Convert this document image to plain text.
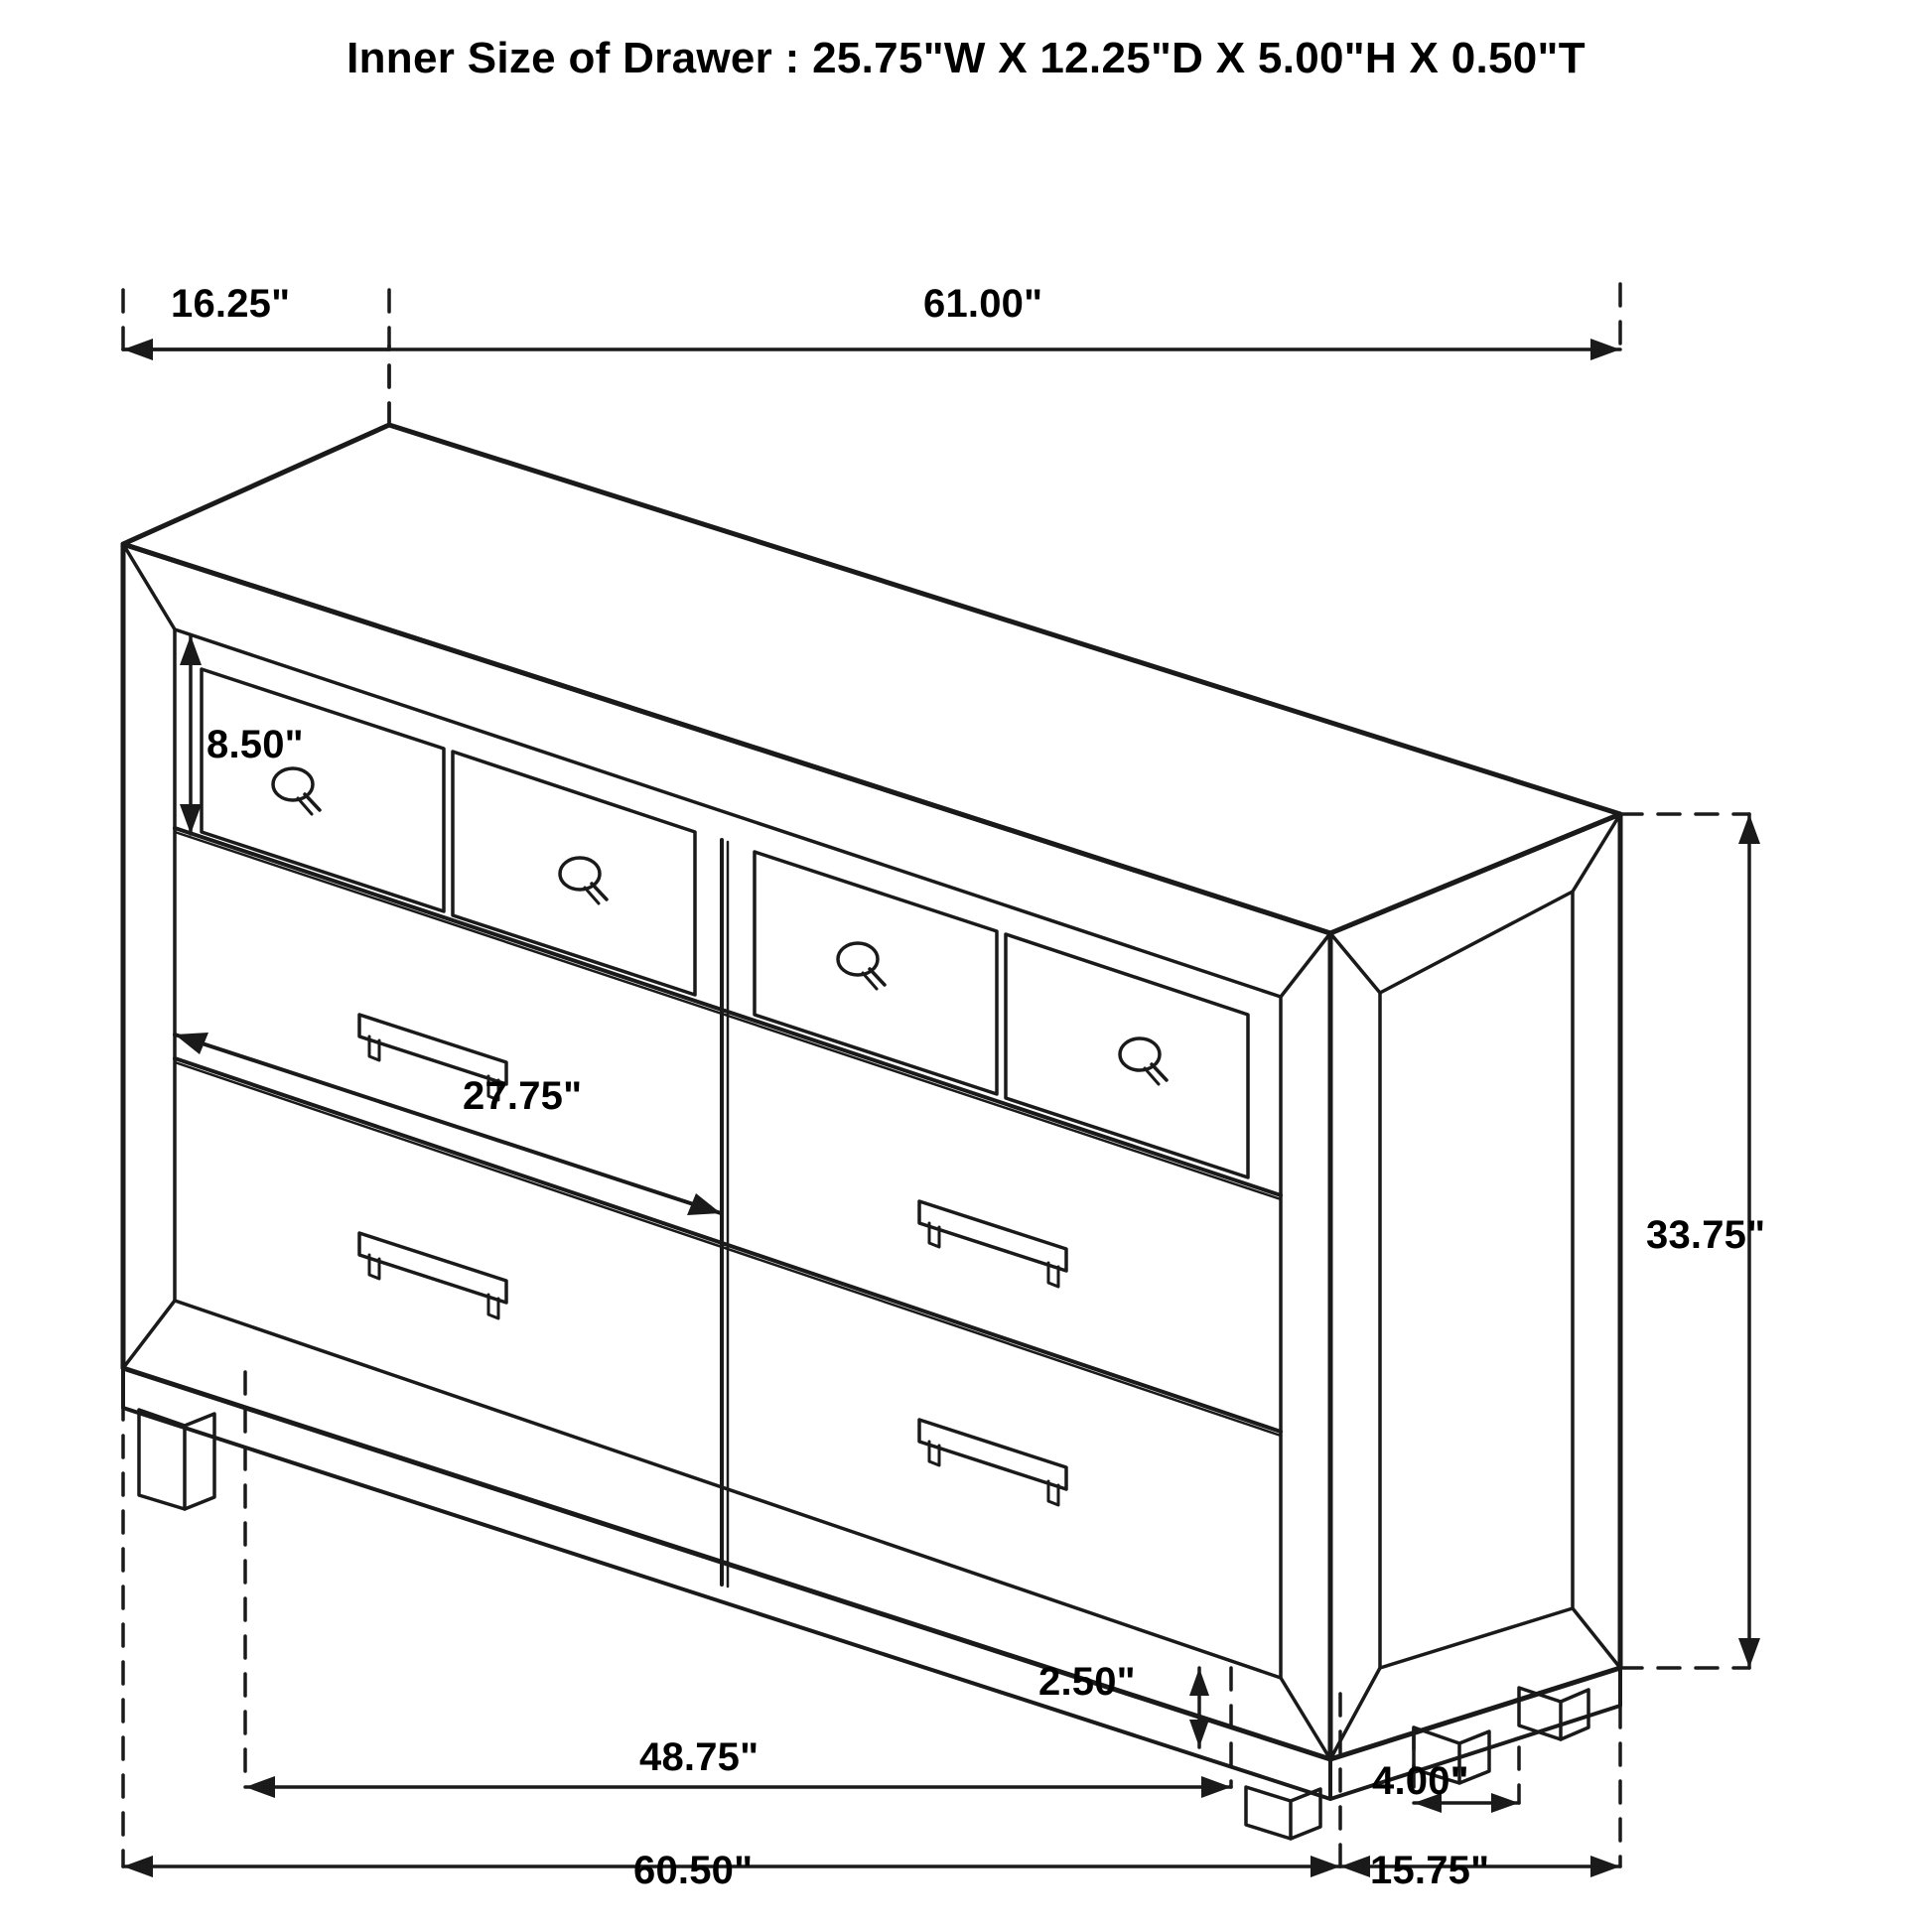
Inner Size of Drawer : 25.75"W X 12.25"D X 5.00"H X 0.50"T
16.25"	61.00"
8.50"
27.75"
33.75"
2.50"
48.75"
60.50"
4.00"
15.75"
